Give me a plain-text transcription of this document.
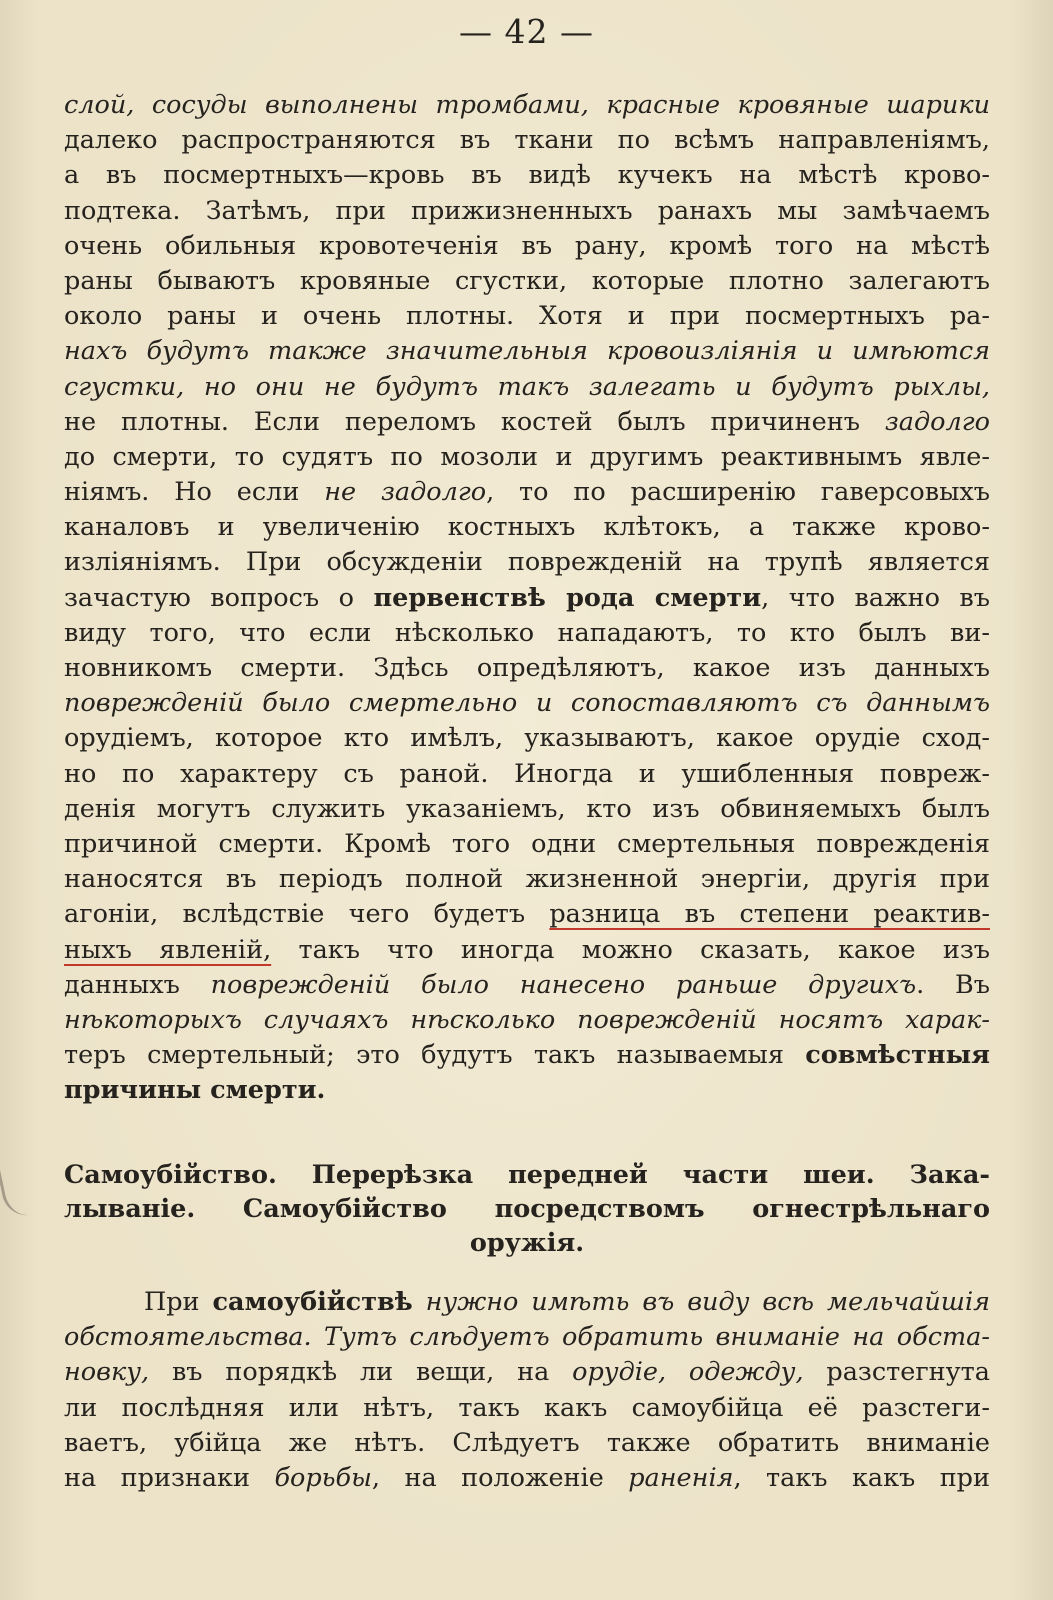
— 42 —
слой, сосуды выполнены тромбами, красные кровяные шарики
далеко распространяются въ ткани по всѣмъ направленіямъ,
а въ посмертныхъ—кровь въ видѣ кучекъ на мѣстѣ крово-
подтека. Затѣмъ, при прижизненныхъ ранахъ мы замѣчаемъ
очень обильныя кровотеченія въ рану, кромѣ того на мѣстѣ
раны бываютъ кровяные сгустки, которые плотно залегаютъ
около раны и очень плотны. Хотя и при посмертныхъ ра-
нахъ будутъ также значительныя кровоизліянія и имѣются
сгустки, но они не будутъ такъ залегать и будутъ рыхлы,
не плотны. Если переломъ костей былъ причиненъ задолго
до смерти, то судятъ по мозоли и другимъ реактивнымъ явле-
ніямъ. Но если не задолго, то по расширенію гаверсовыхъ
каналовъ и увеличенію костныхъ клѣтокъ, а также крово-
изліяніямъ. При обсужденіи поврежденій на трупѣ является
зачастую вопросъ о первенствѣ рода смерти, что важно въ
виду того, что если нѣсколько нападаютъ, то кто былъ ви-
новникомъ смерти. Здѣсь опредѣляютъ, какое изъ данныхъ
поврежденій было смертельно и сопоставляютъ съ даннымъ
орудіемъ, которое кто имѣлъ, указываютъ, какое орудіе сход-
но по характеру съ раной. Иногда и ушибленныя повреж-
денія могутъ служить указаніемъ, кто изъ обвиняемыхъ былъ
причиной смерти. Кромѣ того одни смертельныя поврежденія
наносятся въ періодъ полной жизненной энергіи, другія при
агоніи, вслѣдствіе чего будетъ разница въ степени реактив-
ныхъ явленій, такъ что иногда можно сказать, какое изъ
данныхъ поврежденій было нанесено раньше другихъ. Въ
нѣкоторыхъ случаяхъ нѣсколько поврежденій носятъ харак-
теръ смертельный; это будутъ такъ называемыя совмѣстныя
причины смерти.
Самоубійство. Перерѣзка передней части шеи. Зака-
лываніе. Самоубійство посредствомъ огнестрѣльнаго
оружія.
При самоубійствѣ нужно имѣть въ виду всѣ мельчайшія
обстоятельства. Тутъ слѣдуетъ обратить вниманіе на обста-
новку, въ порядкѣ ли вещи, на орудіе, одежду, разстегнута
ли послѣдняя или нѣтъ, такъ какъ самоубійца её разстеги-
ваетъ, убійца же нѣтъ. Слѣдуетъ также обратить вниманіе
на признаки борьбы, на положеніе раненія, такъ какъ при
